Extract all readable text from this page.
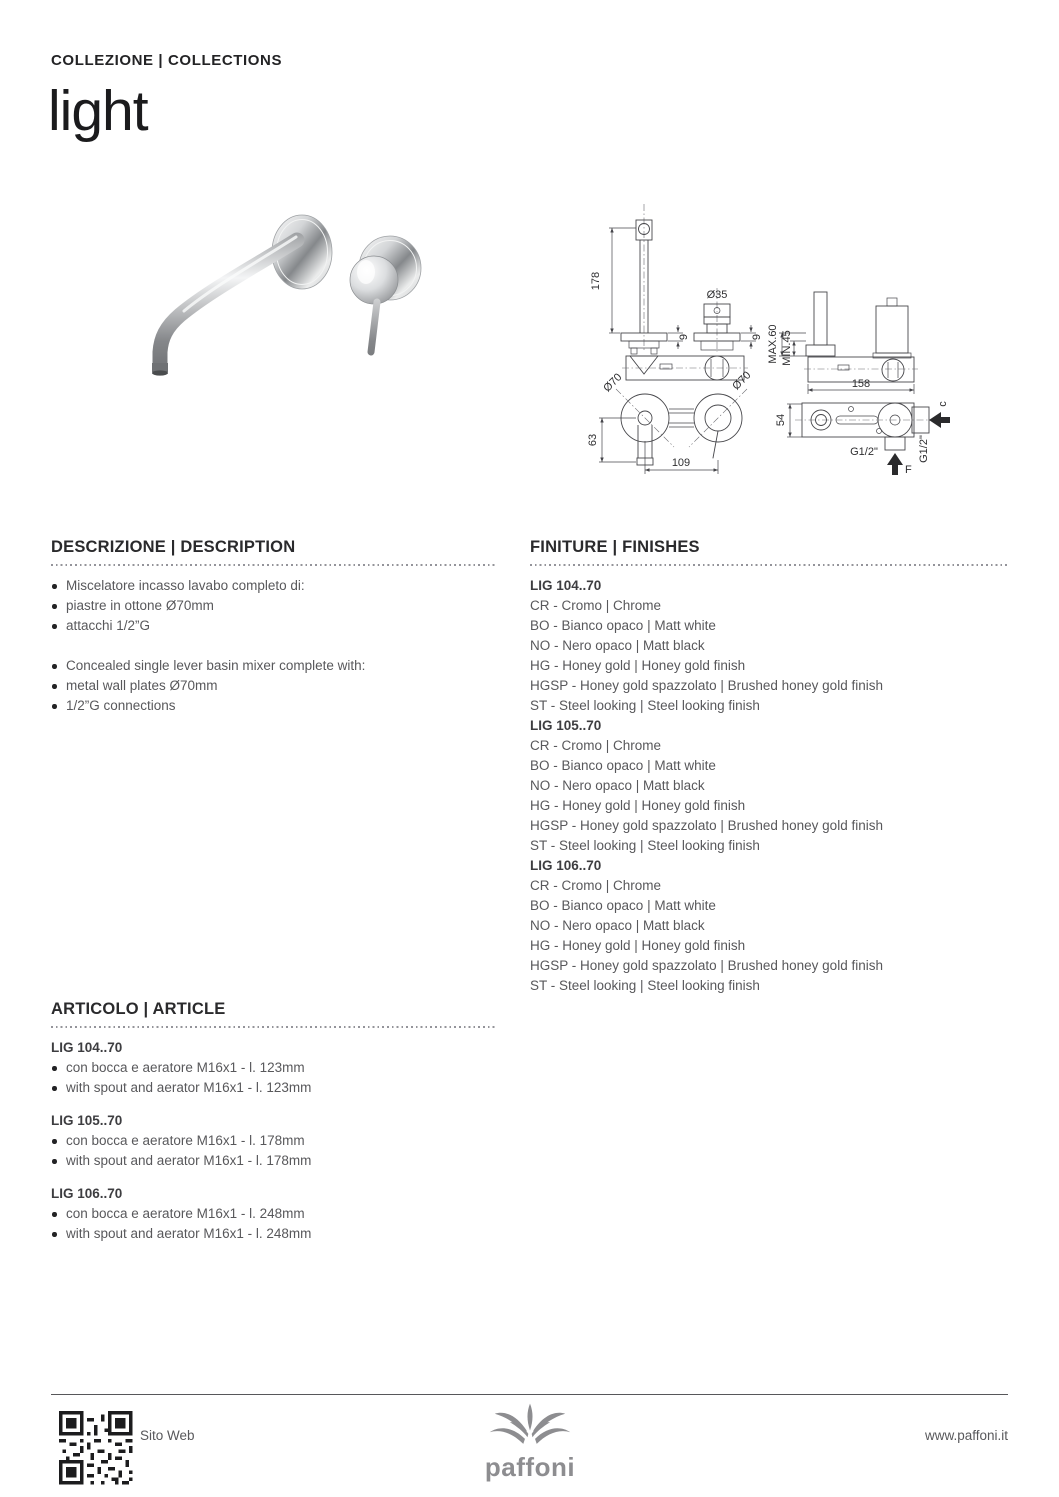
COLLEZIONE | COLLECTIONS
light
178
Ø35
9	9 MAX.60 MIN.45
158
Ø70	Ø70
63
109
54
G1/2"	G1/2"
c
F
DESCRIZIONE | DESCRIPTION
Miscelatore incasso lavabo completo di:
piastre in ottone Ø70mm
attacchi 1/2”G
Concealed single lever basin mixer complete with:
metal wall plates Ø70mm
1/2”G connections
FINITURE | FINISHES
LIG 104..70
CR - Cromo | Chrome
BO - Bianco opaco | Matt white
NO - Nero opaco | Matt black
HG - Honey gold | Honey gold finish
HGSP - Honey gold spazzolato | Brushed honey gold finish
ST - Steel looking | Steel looking finish
LIG 105..70
CR - Cromo | Chrome
BO - Bianco opaco | Matt white
NO - Nero opaco | Matt black
HG - Honey gold | Honey gold finish
HGSP - Honey gold spazzolato | Brushed honey gold finish
ST - Steel looking | Steel looking finish
LIG 106..70
CR - Cromo | Chrome
BO - Bianco opaco | Matt white
NO - Nero opaco | Matt black
HG - Honey gold | Honey gold finish
HGSP - Honey gold spazzolato | Brushed honey gold finish
ST - Steel looking | Steel looking finish
ARTICOLO | ARTICLE
LIG 104..70
con bocca e aeratore M16x1 - l. 123mm
with spout and aerator M16x1 - l. 123mm
LIG 105..70
con bocca e aeratore M16x1 - l. 178mm
with spout and aerator M16x1 - l. 178mm
LIG 106..70
con bocca e aeratore M16x1 - l. 248mm
with spout and aerator M16x1 - l. 248mm
Sito Web
paffoni
www.paffoni.it
